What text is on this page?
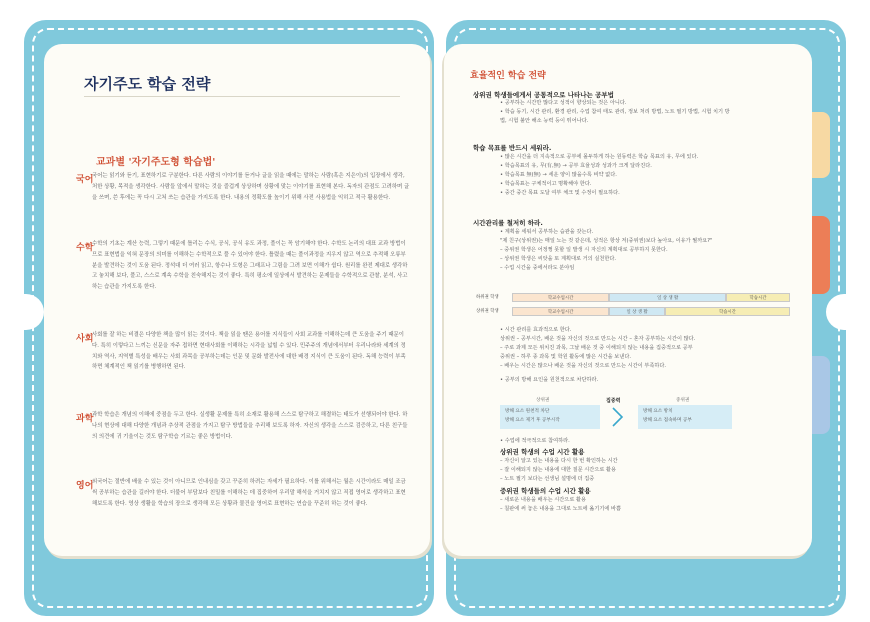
자기주도 학습 전략
교과별 '자기주도형 학습법'
국어
국어는 읽기와 듣기, 표현하기로 구분한다. 다른 사람의 이야기를 듣거나 글을 읽을 때에는 말하는 사람(혹은 지은이)의 입장에서 생각, 처한 상황, 목적을 생각한다. 사람들 앞에서 말하는 것을 즐겁게 상상하며 상황에 맞는 이야기를 표현해 본다. 독자의 관점도 고려하며 글을 쓰며, 쓴 후에는 꼭 다시 고쳐 쓰는 습관을 가지도록 한다. 내용의 정확도를 높이기 위해 사전 사용법을 익히고 적극 활용한다.
수학
수학의 기초는 계산 능력, 그렇기 때문에 틀리는 수식, 공식, 공식 유도 과정, 풀이는 꼭 암기해야 한다. 수학도 논리의 대표 교과 방법이므로 표현법을 익혀 문장의 의미를 이해하는 수학적으로 풀 수 있어야 한다. 틀렸을 때는 풀이과정을 지우지 않고 역으로 추적해 오류부분을 발견하는 것이 도움 된다. 정석대 더 여러 읽고, 항수나 도형은 그래프나 그림을 그려 보면 이해가 쉽다. 원리를 완전 제대로 생각하고 놓치해 보다, 풀고, 스스로 계속 수학을 친숙해지는 것이 좋다. 특히 평소에 일상에서 발견하는 문제들을 수학적으로 관찰, 분석, 사고하는 습관을 가지도록 한다.
사회
사회를 잘 하는 비결은 다양한 책을 많이 읽는 것이다. 책을 읽을 땐은 용어를 지식들이 사회 교과를 이해하는데 큰 도움을 주기 때문이다. 특히 이렇다고 느끼는 신문을 자주 접하면 현대사회를 이해하는 시각을 넓힐 수 있다. 민주주의 개념에서부터 우리나라와 세계의 정치와 역사, 지역별 특성을 배우는 사회 과목을 공부하는데는 인문 및 문화 발전사에 대한 배경 지식이 큰 도움이 된다. 독해 능력이 부족하면 체계적인 책 읽기를 병행하면 된다.
과학
과학 학습은 개념의 이해에 중점을 두고 한다. 실생활 문제를 특히 소재로 활용해 스스로 탐구하고 해결하는 태도가 선행되어야 한다. 하나의 현상에 대해 다양한 개념과 추상적 관점을 가지고 탐구 방법들을 추리해 보도록 하자. 자신의 생각을 스스로 검증하고, 다른 친구들의 의견에 귀 기울이는 것도 탐구학습 기르는 좋은 방법이다.
영어
외국어는 절반에 배울 수 있는 것이 아니므로 인내심을 갖고 꾸준히 하려는 자세가 필요하다. 이를 위해서는 월은 시간이라도 매일 조금씩 공부하는 습관을 길러야 한다. 더불어 부담보다 친밀를 이해하는 데 집중하여 우리말 해석을 거치지 않고 직접 영어로 생각하고 표현해보도록 한다. 영상 생활을 학습의 장으로 생각해 모든 상황과 물건을 영어로 표현하는 연습을 꾸준히 하는 것이 좋다.
효율적인 학습 전략
상위권 학생들에게서 공통적으로 나타나는 공부법
• 공부하는 시간만 많다고 성적이 향상되는 것은 아니다.
• 학습 동기, 시간 관리, 환경 관리, 수업 참여 태도 관리, 정보 처리 방법, 노트 필기 방법, 시험 치기 방
법, 시험 불안 해소 능력 등이 뛰어나다.
학습 목표를 반드시 세워라.
• 많은 시간을 더 지속적으로 공부에 몰두하게 하는 원동력은 학습 목표의 유, 무에 있다.
• 학습목표의 유, 무(有,無) → 공부 효율성과 성과가 크게 달라진다.
• 학습목표 無(無) → 세운 양이 많을수록 비약 없다.
• 학습목표는 구체적이고 명확해야 한다.
• 중간 중간 목표 도달 여부 체크 및 수정이 필요하다.
시간관리를 철저히 하라.
• 계획을 세워서 공부하는 습관을 갖는다.
"제 친구(상위권)는 매일 노는 것 같은데, 성적은 항상 저(중위권)보다 높아요, 이유가 뭘까요?"
– 중위권 학생은 어정쩡 못할 일 발생 시 자신의 계획대로 공부하지 못한다.
– 상위권 학생은 씨앗을 또 계획대로 거의 실천한다.
– 수업 시간을 중에서라도 분야임
하위권 학생	학교수업시간	일 상 생 활	학습시간
상위권 학생	학교수업시간	일 상 생 활	학습시간
• 시간 관리를 효과적으로 한다.
상위권 – 공부시간, 배운 것을 자신의 것으로 만드는 시간 – 혼자 공부하는 시간이 많다.
– 주로 과제 모든 위치진 과목, 그날 배운 것 중 이해되지 않는 내용을 집중적으로 공부
중위권 – 하루 종 과목 및 학원 활동에 많은 시간을 보낸다.
– 배우는 시간은 많으나 배운 것을 자신의 것으로 만드는 시간이 부족하다.
• 공부의 방해 요인을 원천적으로 차단하라.
상위권
방해 요소 원천적 차단
방해 요소 제거 후 공부시작
집중력	중위권
방해 요소 방치
방해 요소 접속하며 공부
• 수업에 적극적으로 참여하라.
상위권 학생의 수업 시간 활용
– 자신이 알고 있는 내용을 다시 한 번 확인하는 시간
– 잘 이해되지 않는 내용에 대한 질문 시간으로 활용
– 노트 필기 보다는 선생님 설명에 더 집중
중위권 학생들의 수업 시간 활용
– 새로운 내용을 배우는 시간으로 활용
– 칠판에 써 놓은 내용을 그대로 노트에 옮기기에 바쁨
